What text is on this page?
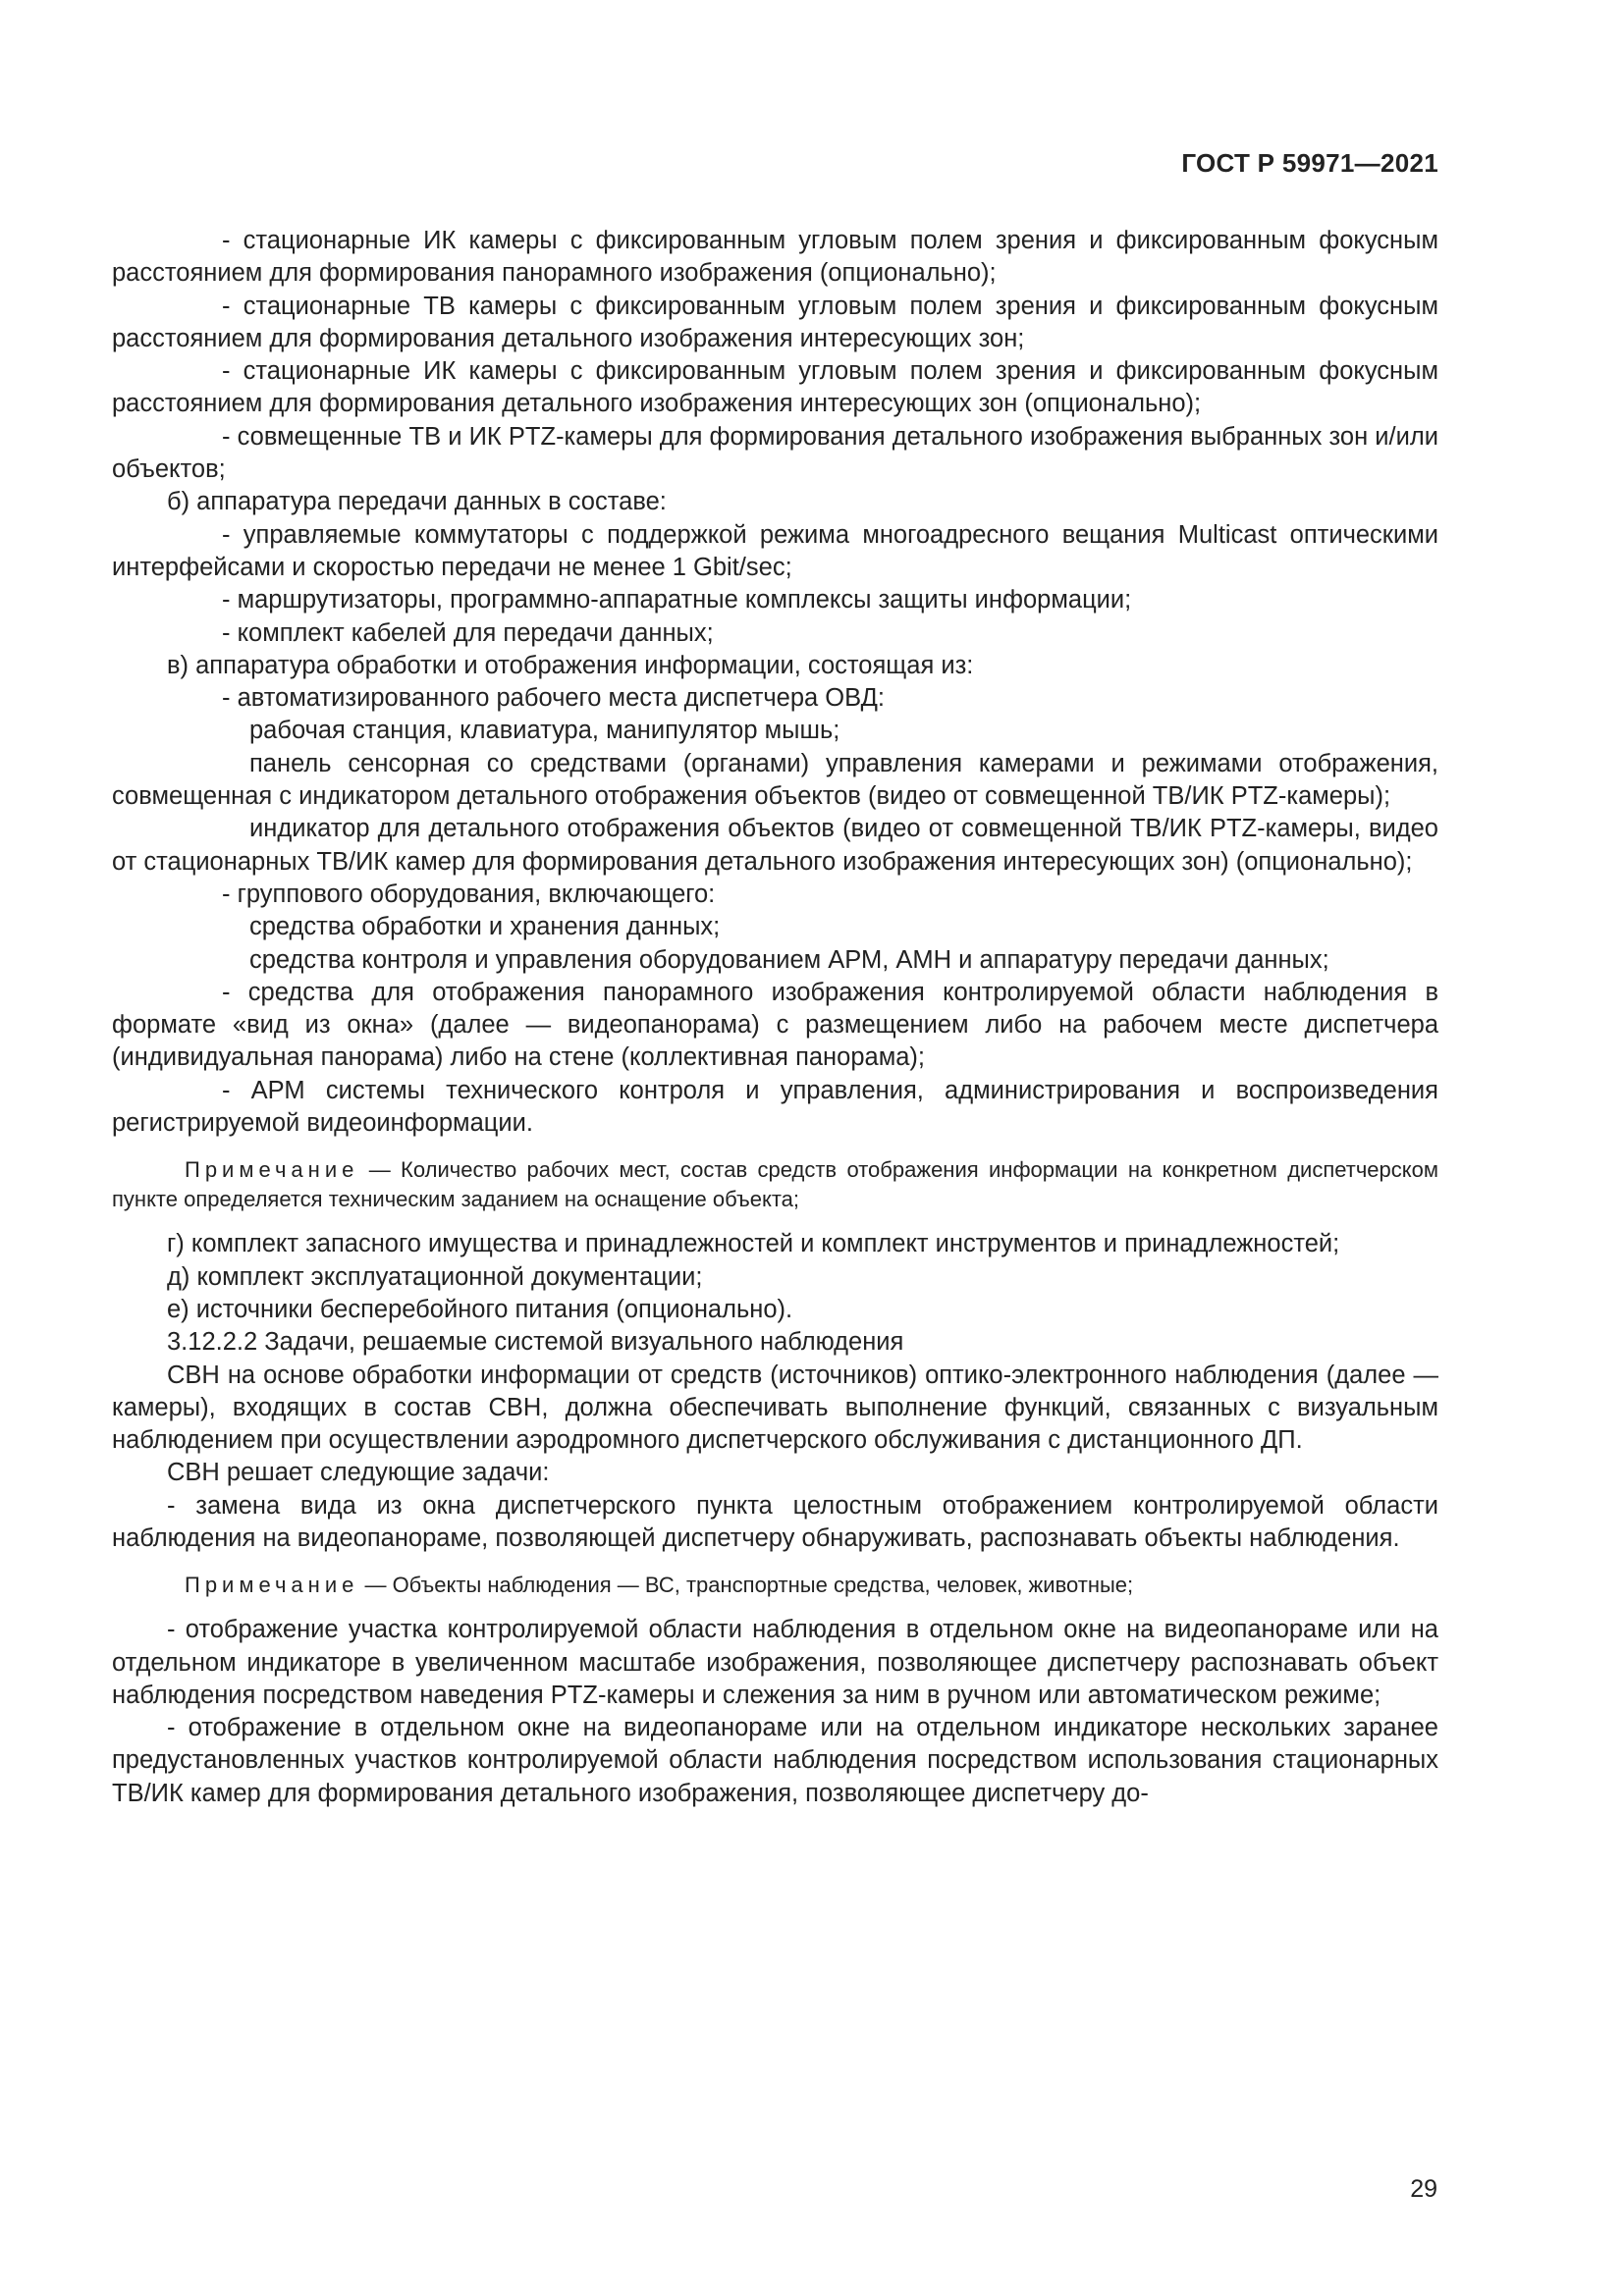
ГОСТ Р 59971—2021

- стационарные ИК камеры с фиксированным угловым полем зрения и фиксированным фокусным расстоянием для формирования панорамного изображения (опционально);

- стационарные ТВ камеры с фиксированным угловым полем зрения и фиксированным фокусным расстоянием для формирования детального изображения интересующих зон;

- стационарные ИК камеры с фиксированным угловым полем зрения и фиксированным фокусным расстоянием для формирования детального изображения интересующих зон (опционально);

- совмещенные ТВ и ИК PTZ-камеры для формирования детального изображения выбранных зон и/или объектов;

б) аппаратура передачи данных в составе:

- управляемые коммутаторы с поддержкой режима многоадресного вещания Multicast оптическими интерфейсами и скоростью передачи не менее 1 Gbit/sec;

- маршрутизаторы, программно-аппаратные комплексы защиты информации;

- комплект кабелей для передачи данных;

в) аппаратура обработки и отображения информации, состоящая из:

- автоматизированного рабочего места диспетчера ОВД:

рабочая станция, клавиатура, манипулятор мышь;

панель сенсорная со средствами (органами) управления камерами и режимами отображения, совмещенная с индикатором детального отображения объектов (видео от совмещенной ТВ/ИК PTZ-камеры);

индикатор для детального отображения объектов (видео от совмещенной ТВ/ИК PTZ-камеры, видео от стационарных ТВ/ИК камер для формирования детального изображения интересующих зон) (опционально);

- группового оборудования, включающего:

средства обработки и хранения данных;

средства контроля и управления оборудованием АРМ, АМН и аппаратуру передачи данных;

- средства для отображения панорамного изображения контролируемой области наблюдения в формате «вид из окна» (далее — видеопанорама) с размещением либо на рабочем месте диспетчера (индивидуальная панорама) либо на стене (коллективная панорама);

- АРМ системы технического контроля и управления, администрирования и воспроизведения регистрируемой видеоинформации.

Примечание — Количество рабочих мест, состав средств отображения информации на конкретном диспетчерском пункте определяется техническим заданием на оснащение объекта;

г) комплект запасного имущества и принадлежностей и комплект инструментов и принадлежностей;

д) комплект эксплуатационной документации;

е) источники бесперебойного питания (опционально).

3.12.2.2 Задачи, решаемые системой визуального наблюдения

СВН на основе обработки информации от средств (источников) оптико-электронного наблюдения (далее — камеры), входящих в состав СВН, должна обеспечивать выполнение функций, связанных с визуальным наблюдением при осуществлении аэродромного диспетчерского обслуживания с дистанционного ДП.

СВН решает следующие задачи:

- замена вида из окна диспетчерского пункта целостным отображением контролируемой области наблюдения на видеопанораме, позволяющей диспетчеру обнаруживать, распознавать объекты наблюдения.

Примечание — Объекты наблюдения — ВС, транспортные средства, человек, животные;

- отображение участка контролируемой области наблюдения в отдельном окне на видеопанораме или на отдельном индикаторе в увеличенном масштабе изображения, позволяющее диспетчеру распознавать объект наблюдения посредством наведения PTZ-камеры и слежения за ним в ручном или автоматическом режиме;

- отображение в отдельном окне на видеопанораме или на отдельном индикаторе нескольких заранее предустановленных участков контролируемой области наблюдения посредством использования стационарных ТВ/ИК камер для формирования детального изображения, позволяющее диспетчеру до-

29
